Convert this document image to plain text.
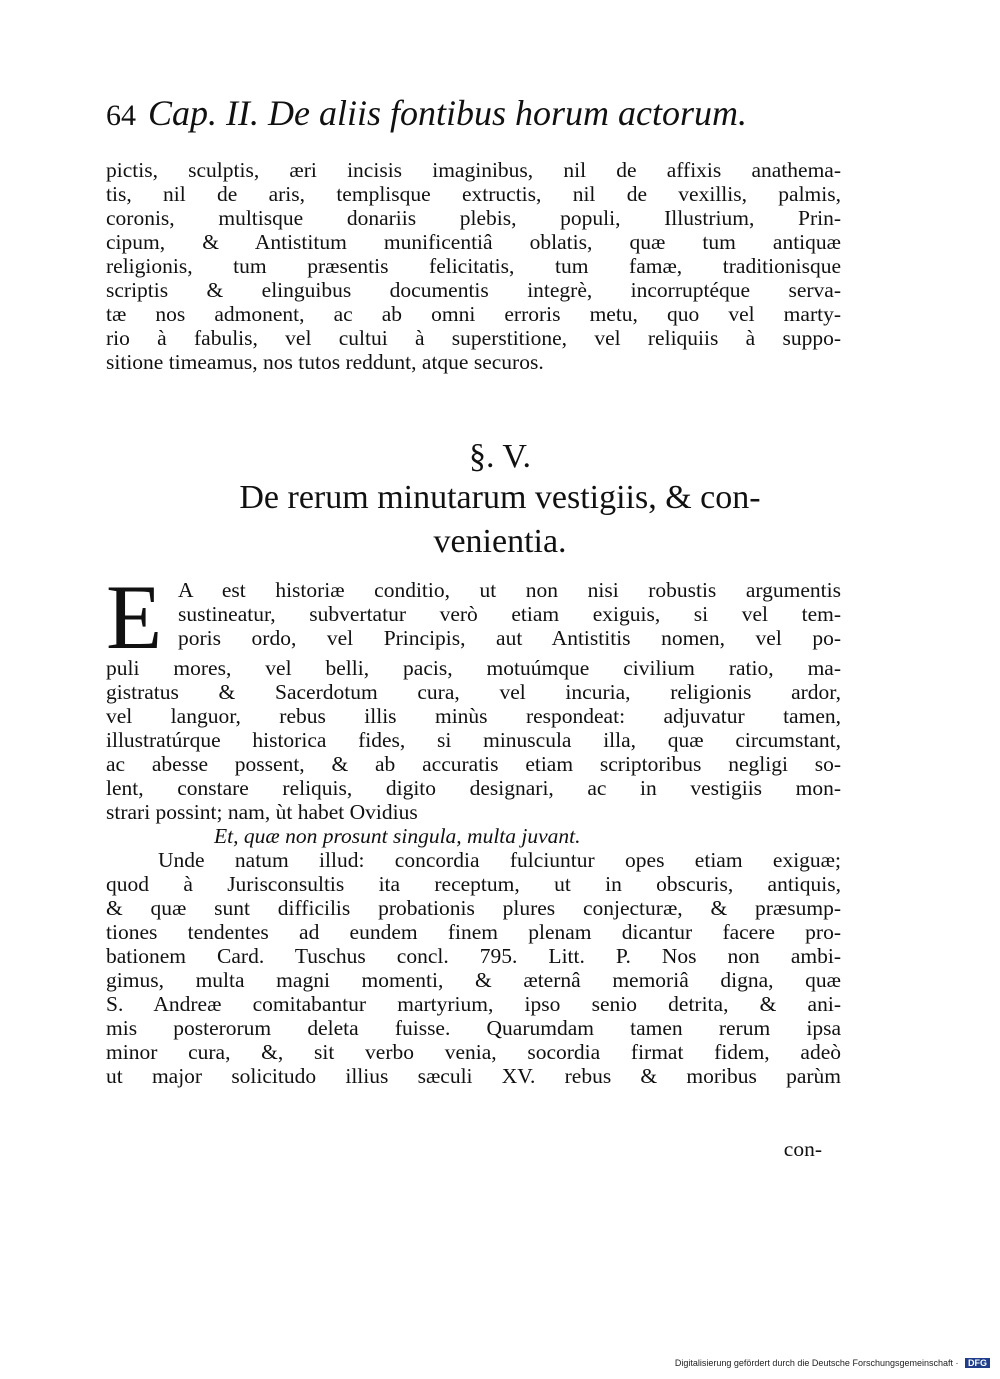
64 Cap. II. De aliis fontibus horum actorum.
pictis, sculptis, æri incisis imaginibus, nil de affixis anathema-
tis, nil de aris, templisque extructis, nil de vexillis, palmis,
coronis, multisque donariis plebis, populi, Illustrium, Prin-
cipum, & Antistitum munificentiâ oblatis, quæ tum antiquæ
religionis, tum præsentis felicitatis, tum famæ, traditionisque
scriptis & elinguibus documentis integrè, incorruptéque serva-
tæ nos admonent, ac ab omni erroris metu, quo vel marty-
rio à fabulis, vel cultui à superstitione, vel reliquiis à suppo-
sitione timeamus, nos tutos reddunt, atque securos.
§. V.
De rerum minutarum vestigiis, & con-
venientia.
E A est historiæ conditio, ut non nisi robustis argumentis
sustineatur, subvertatur verò etiam exiguis, si vel tem-
poris ordo, vel Principis, aut Antistitis nomen, vel po-
puli mores, vel belli, pacis, motuúmque civilium ratio, ma-
gistratus & Sacerdotum cura, vel incuria, religionis ardor,
vel languor, rebus illis minùs respondeat: adjuvatur tamen,
illustratúrque historica fides, si minuscula illa, quæ circumstant,
ac abesse possent, & ab accuratis etiam scriptoribus negligi so-
lent, constare reliquis, digito designari, ac in vestigiis mon-
strari possint; nam, ùt habet Ovidius
Et, quæ non prosunt singula, multa juvant.
Unde natum illud: concordia fulciuntur opes etiam exiguæ;
quod à Jurisconsultis ita receptum, ut in obscuris, antiquis,
& quæ sunt difficilis probationis plures conjecturæ, & præsump-
tiones tendentes ad eundem finem plenam dicantur facere pro-
bationem Card. Tuschus concl. 795. Litt. P. Nos non ambi-
gimus, multa magni momenti, & æternâ memoriâ digna, quæ
S. Andreæ comitabantur martyrium, ipso senio detrita, & ani-
mis posterorum deleta fuisse. Quarumdam tamen rerum ipsa
minor cura, &, sit verbo venia, socordia firmat fidem, adeò
ut major solicitudo illius sæculi XV. rebus & moribus parùm
con-
Digitalisierung gefördert durch die Deutsche Forschungsgemeinschaft · DFG
